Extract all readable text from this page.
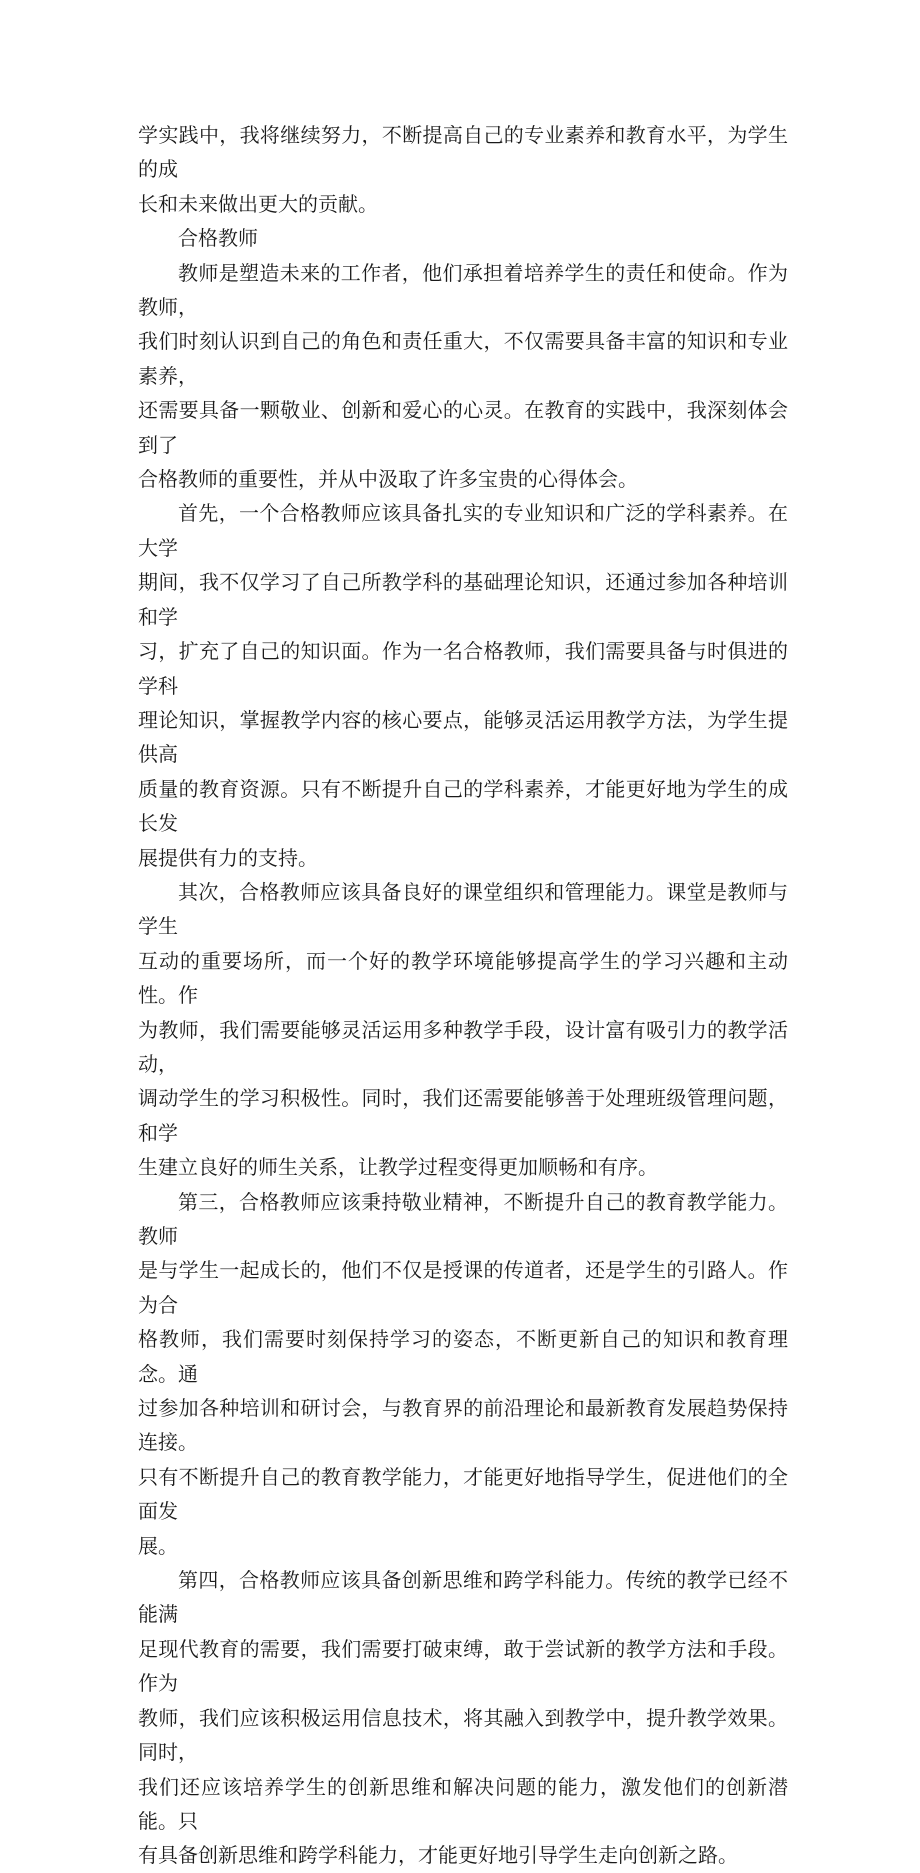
学实践中，我将继续努力，不断提高自己的专业素养和教育水平，为学生的成
长和未来做出更大的贡献。

合格教师

教师是塑造未来的工作者，他们承担着培养学生的责任和使命。作为教师，
我们时刻认识到自己的角色和责任重大，不仅需要具备丰富的知识和专业素养，
还需要具备一颗敬业、创新和爱心的心灵。在教育的实践中，我深刻体会到了
合格教师的重要性，并从中汲取了许多宝贵的心得体会。

首先，一个合格教师应该具备扎实的专业知识和广泛的学科素养。在大学
期间，我不仅学习了自己所教学科的基础理论知识，还通过参加各种培训和学
习，扩充了自己的知识面。作为一名合格教师，我们需要具备与时俱进的学科
理论知识，掌握教学内容的核心要点，能够灵活运用教学方法，为学生提供高
质量的教育资源。只有不断提升自己的学科素养，才能更好地为学生的成长发
展提供有力的支持。

其次，合格教师应该具备良好的课堂组织和管理能力。课堂是教师与学生
互动的重要场所，而一个好的教学环境能够提高学生的学习兴趣和主动性。作
为教师，我们需要能够灵活运用多种教学手段，设计富有吸引力的教学活动，
调动学生的学习积极性。同时，我们还需要能够善于处理班级管理问题，和学
生建立良好的师生关系，让教学过程变得更加顺畅和有序。

第三，合格教师应该秉持敬业精神，不断提升自己的教育教学能力。教师
是与学生一起成长的，他们不仅是授课的传道者，还是学生的引路人。作为合
格教师，我们需要时刻保持学习的姿态，不断更新自己的知识和教育理念。通
过参加各种培训和研讨会，与教育界的前沿理论和最新教育发展趋势保持连接。
只有不断提升自己的教育教学能力，才能更好地指导学生，促进他们的全面发
展。

第四，合格教师应该具备创新思维和跨学科能力。传统的教学已经不能满
足现代教育的需要，我们需要打破束缚，敢于尝试新的教学方法和手段。作为
教师，我们应该积极运用信息技术，将其融入到教学中，提升教学效果。同时，
我们还应该培养学生的创新思维和解决问题的能力，激发他们的创新潜能。只
有具备创新思维和跨学科能力，才能更好地引导学生走向创新之路。
